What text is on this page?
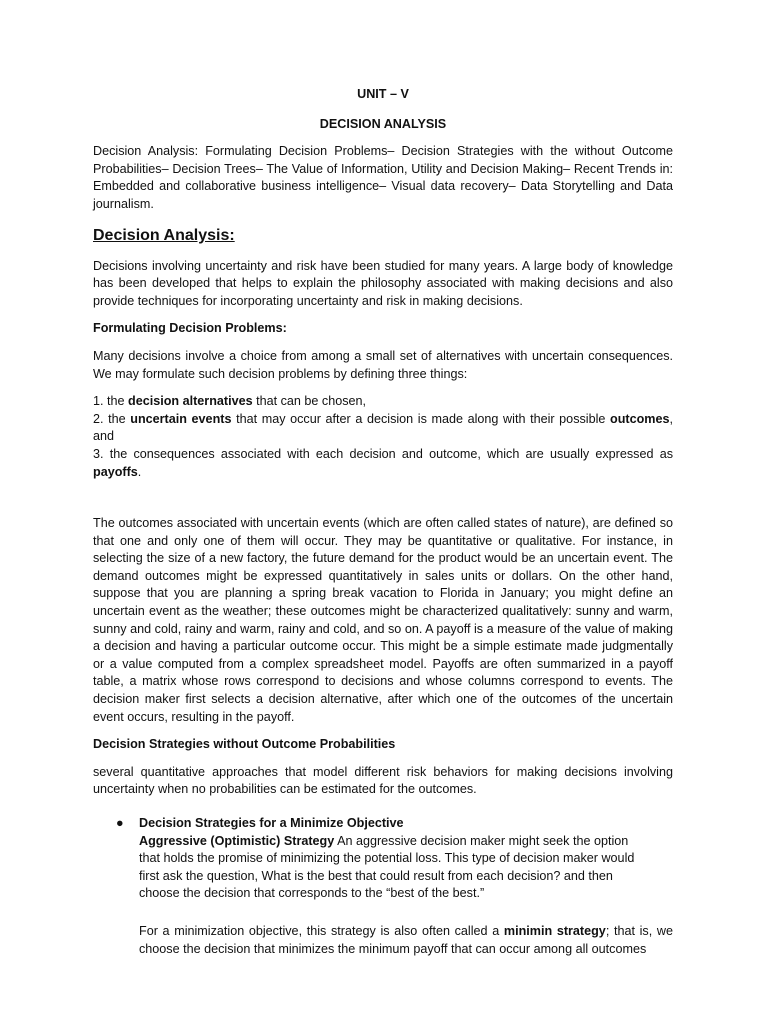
UNIT – V
DECISION ANALYSIS

Decision Analysis: Formulating Decision Problems– Decision Strategies with the without Outcome Probabilities– Decision Trees– The Value of Information, Utility and Decision Making– Recent Trends in: Embedded and collaborative business intelligence– Visual data recovery– Data Storytelling and Data journalism.

Decision Analysis:

Decisions involving uncertainty and risk have been studied for many years. A large body of knowledge has been developed that helps to explain the philosophy associated with making decisions and also provide techniques for incorporating uncertainty and risk in making decisions.

Formulating Decision Problems:

Many decisions involve a choice from among a small set of alternatives with uncertain consequences. We may formulate such decision problems by defining three things:

1. the decision alternatives that can be chosen,
2. the uncertain events that may occur after a decision is made along with their possible outcomes, and
3. the consequences associated with each decision and outcome, which are usually expressed as payoffs.

The outcomes associated with uncertain events (which are often called states of nature), are defined so that one and only one of them will occur. They may be quantitative or qualitative. For instance, in selecting the size of a new factory, the future demand for the product would be an uncertain event. The demand outcomes might be expressed quantitatively in sales units or dollars. On the other hand, suppose that you are planning a spring break vacation to Florida in January; you might define an uncertain event as the weather; these outcomes might be characterized qualitatively: sunny and warm, sunny and cold, rainy and warm, rainy and cold, and so on. A payoff is a measure of the value of making a decision and having a particular outcome occur. This might be a simple estimate made judgmentally or a value computed from a complex spreadsheet model. Payoffs are often summarized in a payoff table, a matrix whose rows correspond to decisions and whose columns correspond to events. The decision maker first selects a decision alternative, after which one of the outcomes of the uncertain event occurs, resulting in the payoff.

Decision Strategies without Outcome Probabilities

several quantitative approaches that model different risk behaviors for making decisions involving uncertainty when no probabilities can be estimated for the outcomes.

● Decision Strategies for a Minimize Objective
Aggressive (Optimistic) Strategy An aggressive decision maker might seek the option that holds the promise of minimizing the potential loss. This type of decision maker would first ask the question, What is the best that could result from each decision? and then choose the decision that corresponds to the “best of the best.”
For a minimization objective, this strategy is also often called a minimin strategy; that is, we choose the decision that minimizes the minimum payoff that can occur among all outcomes
